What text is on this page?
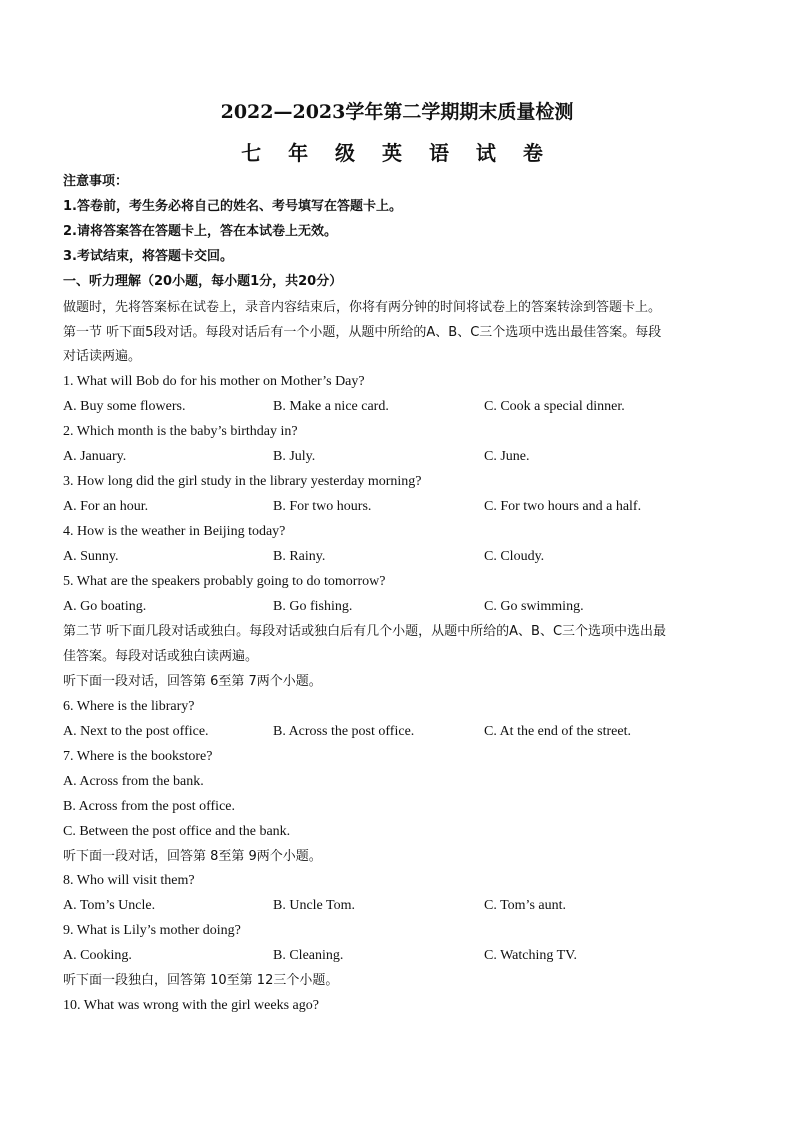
2022—2023学年第二学期期末质量检测
七 年 级 英 语 试 卷
注意事项：
1.答卷前，考生务必将自己的姓名、考号填写在答题卡上。
2.请将答案答在答题卡上，答在本试卷上无效。
3.考试结束，将答题卡交回。
一、听力理解（20小题，每小题1分，共20分）
做题时，先将答案标在试卷上，录音内容结束后，你将有两分钟的时间将试卷上的答案转涂到答题卡上。
第一节 听下面5段对话。每段对话后有一个小题，从题中所给的A、B、C三个选项中选出最佳答案。每段
对话读两遍。
1. What will Bob do for his mother on Mother’s Day?
A. Buy some flowers.	B. Make a nice card.	C. Cook a special dinner.
2. Which month is the baby’s birthday in?
A. January.	B. July.	C. June.
3. How long did the girl study in the library yesterday morning?
A. For an hour.	B. For two hours.	C. For two hours and a half.
4. How is the weather in Beijing today?
A. Sunny.	B. Rainy.	C. Cloudy.
5. What are the speakers probably going to do tomorrow?
A. Go boating.	B. Go fishing.	C. Go swimming.
第二节 听下面几段对话或独白。每段对话或独白后有几个小题，从题中所给的A、B、C三个选项中选出最
佳答案。每段对话或独白读两遍。
听下面一段对话，回答第 6至第 7两个小题。
6. Where is the library?
A. Next to the post office.	B. Across the post office.	C. At the end of the street.
7. Where is the bookstore?
A. Across from the bank.
B. Across from the post office.
C. Between the post office and the bank.
听下面一段对话，回答第 8至第 9两个小题。
8. Who will visit them?
A. Tom’s Uncle.	B. Uncle Tom.	C. Tom’s aunt.
9. What is Lily’s mother doing?
A. Cooking.	B. Cleaning.	C. Watching TV.
听下面一段独白，回答第 10至第 12三个小题。
10. What was wrong with the girl weeks ago?
